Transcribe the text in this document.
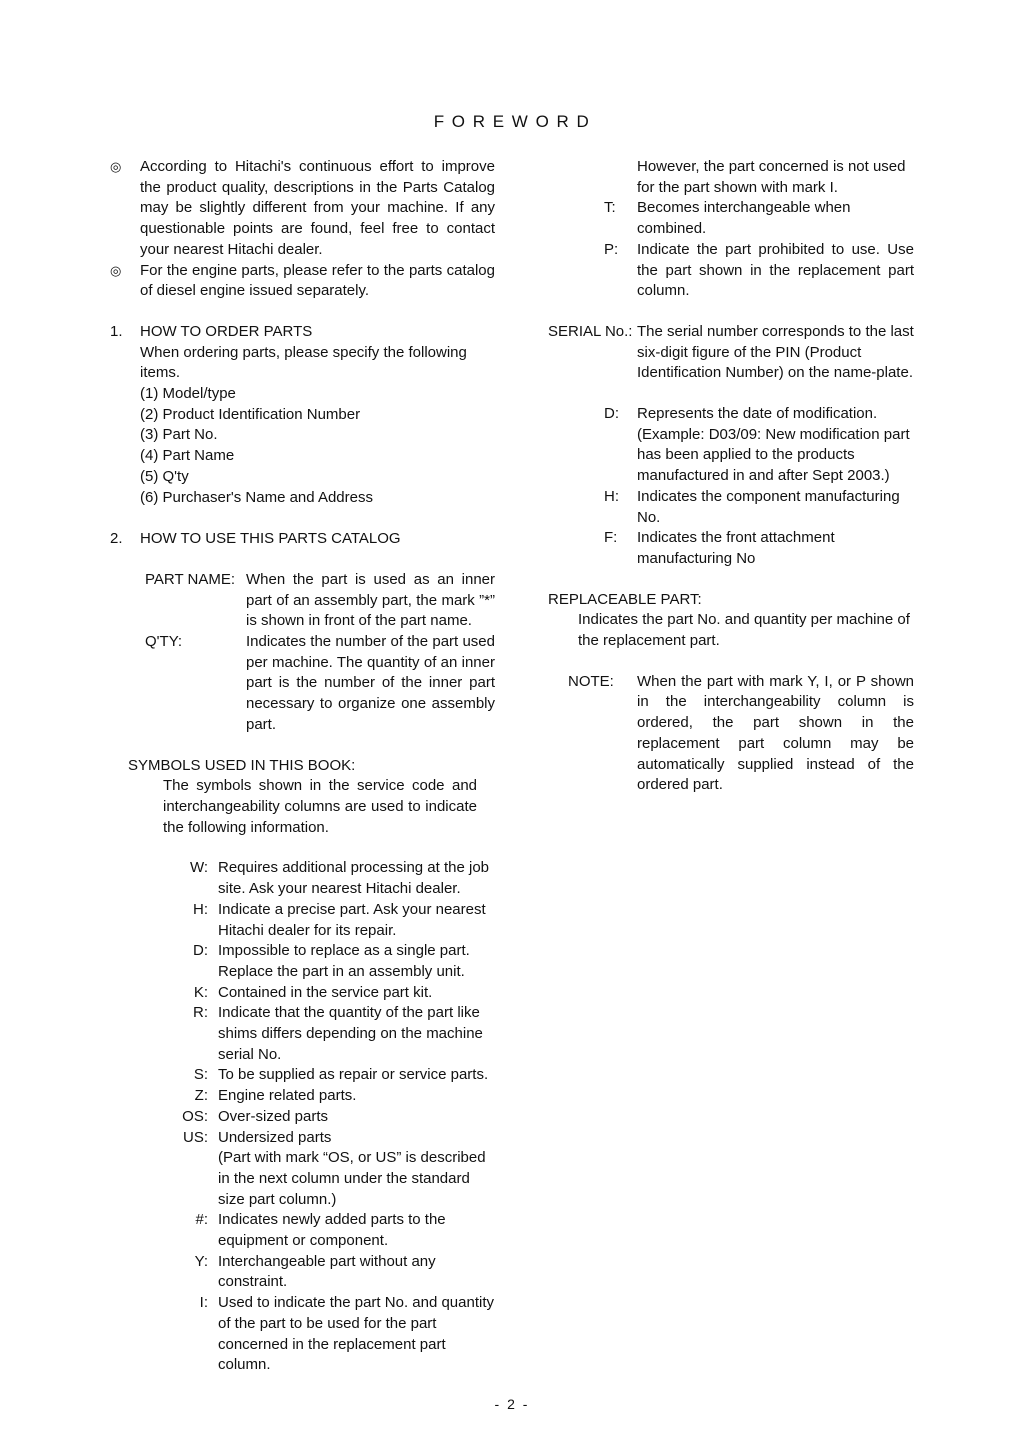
F O R E W O R D
◎	According to Hitachi's continuous effort to improve the product quality, descriptions in the Parts Catalog may be slightly different from your machine. If any questionable points are found, feel free to contact your nearest Hitachi dealer.

◎	For the engine parts, please refer to the parts catalog of diesel engine issued separately.

1.	HOW TO ORDER PARTS

When ordering parts, please specify the following items.

(1) Model/type

(2) Product Identification Number

(3) Part No.

(4) Part Name

(5) Q'ty

(6) Purchaser's Name and Address

2.	HOW TO USE THIS PARTS CATALOG
PART NAME: When the part is used as an inner part of an assembly part, the mark ”*” is shown in front of the part name.

Q'TY:	Indicates the number of the part used per machine. The quantity of an inner part is the number of the inner part necessary to organize one assembly part.

SYMBOLS USED IN THIS BOOK:

The symbols shown in the service code and interchangeability columns are used to indicate the following information.

W: Requires additional processing at the job site. Ask your nearest Hitachi dealer.

H: Indicate a precise part. Ask your nearest Hitachi dealer for its repair.

D: Impossible to replace as a single part. Replace the part in an assembly unit.

K: Contained in the service part kit.

R: Indicate that the quantity of the part like shims differs depending on the machine serial No.

S: To be supplied as repair or service parts.

Z: Engine related parts.

OS: Over-sized parts

US: Undersized parts

(Part with mark “OS, or US” is described in the next column under the standard size part column.)

#: Indicates newly added parts to the equipment or component.

Y: Interchangeable part without any constraint.

I: Used to indicate the part No. and quantity of the part to be used for the part concerned in the replacement part column.

However, the part concerned is not used for the part shown with mark I.

T:	Becomes interchangeable when combined.

P:	Indicate the part prohibited to use. Use the part shown in the replacement part column.

SERIAL No.: The serial number corresponds to the last six-digit figure of the PIN (Product Identification Number) on the name-plate.

D:	Represents the date of modification. (Example: D03/09: New modification part has been applied to the products manufactured in and after Sept 2003.)

H:	Indicates the component manufacturing No.

F:	Indicates the front attachment manufacturing No

REPLACEABLE PART:

Indicates the part No. and quantity per machine of the replacement part.

NOTE:	When the part with mark Y, I, or P shown in the interchangeability column is ordered, the part shown in the replacement part column may be automatically supplied instead of the ordered part.

- 2 -
